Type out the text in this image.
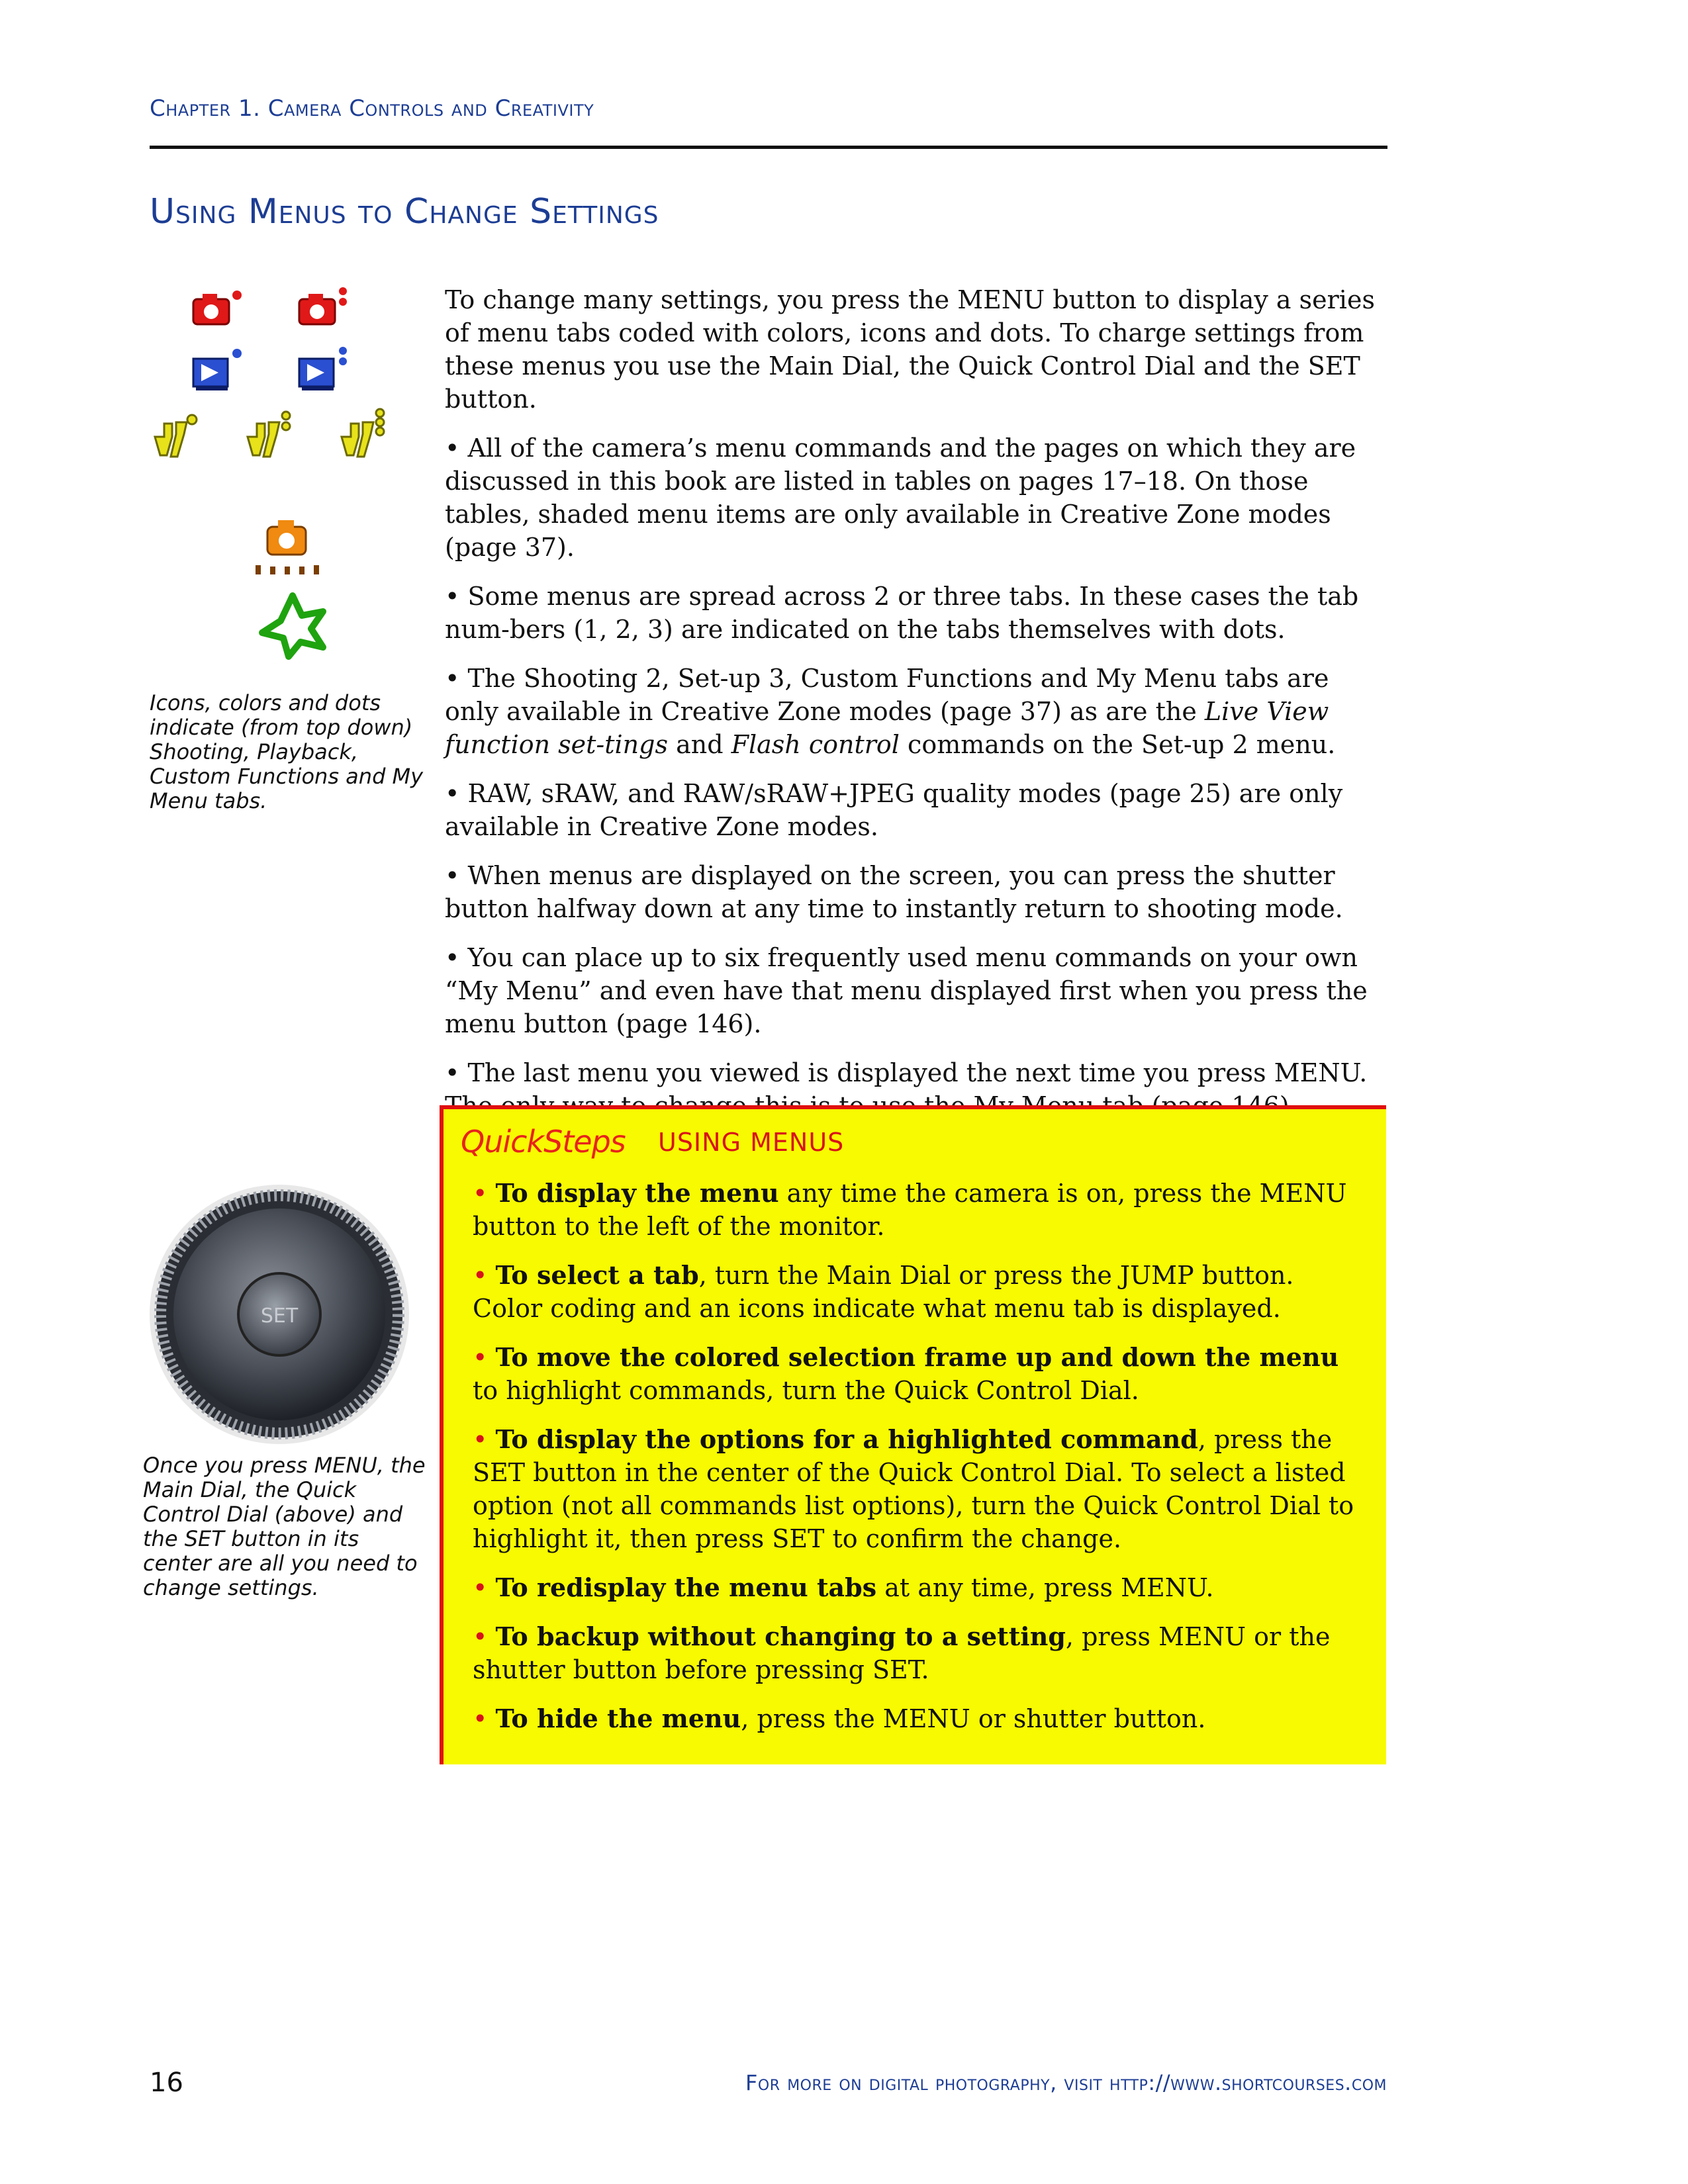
Chapter 1. Camera Controls and Creativity
Using Menus to Change Settings

Icons, colors and dots indicate (from top down) Shooting, Playback, Custom Functions and My Menu tabs.

SET

Once you press MENU, the Main Dial, the Quick Control Dial (above) and the SET button in its center are all you need to change settings.

To change many settings, you press the MENU button to display a series of menu tabs coded with colors, icons and dots. To charge settings from these menus you use the Main Dial, the Quick Control Dial and the SET button.

• All of the camera’s menu commands and the pages on which they are discussed in this book are listed in tables on pages 17–18. On those tables, shaded menu items are only available in Creative Zone modes (page 37).

• Some menus are spread across 2 or three tabs. In these cases the tab num-bers (1, 2, 3) are indicated on the tabs themselves with dots.

• The Shooting 2, Set-up 3, Custom Functions and My Menu tabs are only available in Creative Zone modes (page 37) as are the Live View function set-tings and Flash control commands on the Set-up 2 menu.

• RAW, sRAW, and RAW/sRAW+JPEG quality modes (page 25) are only available in Creative Zone modes.

• When menus are displayed on the screen, you can press the shutter button halfway down at any time to instantly return to shooting mode.

• You can place up to six frequently used menu commands on your own “My Menu” and even have that menu displayed first when you press the menu button (page 146).

• The last menu you viewed is displayed the next time you press MENU.

QuickSteps USING MENUS

• To display the menu any time the camera is on, press the MENU button to the left of the monitor.

• To select a tab, turn the Main Dial or press the JUMP button. Color coding and an icons indicate what menu tab is displayed.

• To move the colored selection frame up and down the menu to highlight commands, turn the Quick Control Dial.

• To display the options for a highlighted command, press the SET button in the center of the Quick Control Dial. To select a listed option (not all commands list options), turn the Quick Control Dial to highlight it, then press SET to confirm the change.

• To redisplay the menu tabs at any time, press MENU.

• To backup without changing to a setting, press MENU or the shutter button before pressing SET.

• To hide the menu, press the MENU or shutter button.

16	For more on digital photography, visit http://www.shortcourses.com
